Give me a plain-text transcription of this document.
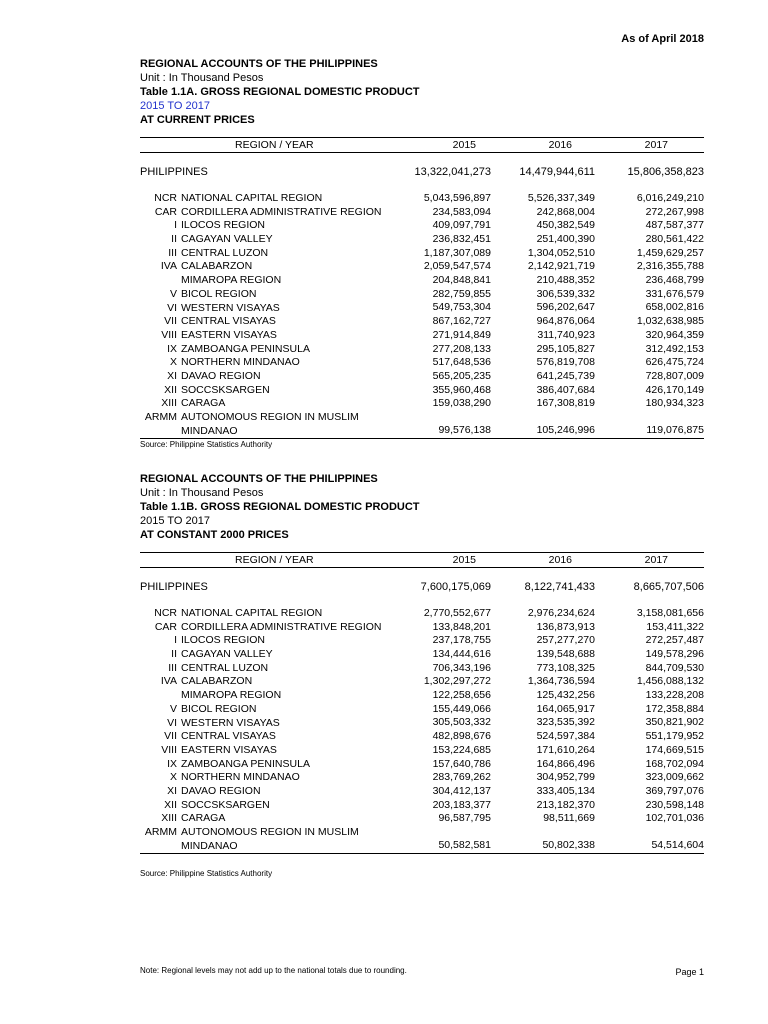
As of April 2018
REGIONAL ACCOUNTS OF THE PHILIPPINES
Unit : In Thousand Pesos
Table 1.1A. GROSS REGIONAL DOMESTIC PRODUCT
2015 TO 2017
AT CURRENT PRICES
REGION / YEAR	2015	2016	2017
PHILIPPINES	13,322,041,273	14,479,944,611	15,806,358,823
NCR NATIONAL CAPITAL REGION	5,043,596,897	5,526,337,349	6,016,249,210
CAR CORDILLERA ADMINISTRATIVE REGION	234,583,094	242,868,004	272,267,998
I ILOCOS REGION	409,097,791	450,382,549	487,587,377
II CAGAYAN VALLEY	236,832,451	251,400,390	280,561,422
III CENTRAL LUZON	1,187,307,089	1,304,052,510	1,459,629,257
IVA CALABARZON	2,059,547,574	2,142,921,719	2,316,355,788
MIMAROPA REGION	204,848,841	210,488,352	236,468,799
V BICOL REGION	282,759,855	306,539,332	331,676,579
VI WESTERN VISAYAS	549,753,304	596,202,647	658,002,816
VII CENTRAL VISAYAS	867,162,727	964,876,064	1,032,638,985
VIII EASTERN VISAYAS	271,914,849	311,740,923	320,964,359
IX ZAMBOANGA PENINSULA	277,208,133	295,105,827	312,492,153
X NORTHERN MINDANAO	517,648,536	576,819,708	626,475,724
XI DAVAO REGION	565,205,235	641,245,739	728,807,009
XII SOCCSKSARGEN	355,960,468	386,407,684	426,170,149
XIII CARAGA	159,038,290	167,308,819	180,934,323
ARMM AUTONOMOUS REGION IN MUSLIM MINDANAO	99,576,138	105,246,996	119,076,875
Source: Philippine Statistics Authority
REGIONAL ACCOUNTS OF THE PHILIPPINES
Unit : In Thousand Pesos
Table 1.1B. GROSS REGIONAL DOMESTIC PRODUCT
2015 TO 2017
AT CONSTANT 2000 PRICES
REGION / YEAR	2015	2016	2017
PHILIPPINES	7,600,175,069	8,122,741,433	8,665,707,506
NCR NATIONAL CAPITAL REGION	2,770,552,677	2,976,234,624	3,158,081,656
CAR CORDILLERA ADMINISTRATIVE REGION	133,848,201	136,873,913	153,411,322
I ILOCOS REGION	237,178,755	257,277,270	272,257,487
II CAGAYAN VALLEY	134,444,616	139,548,688	149,578,296
III CENTRAL LUZON	706,343,196	773,108,325	844,709,530
IVA CALABARZON	1,302,297,272	1,364,736,594	1,456,088,132
MIMAROPA REGION	122,258,656	125,432,256	133,228,208
V BICOL REGION	155,449,066	164,065,917	172,358,884
VI WESTERN VISAYAS	305,503,332	323,535,392	350,821,902
VII CENTRAL VISAYAS	482,898,676	524,597,384	551,179,952
VIII EASTERN VISAYAS	153,224,685	171,610,264	174,669,515
IX ZAMBOANGA PENINSULA	157,640,786	164,866,496	168,702,094
X NORTHERN MINDANAO	283,769,262	304,952,799	323,009,662
XI DAVAO REGION	304,412,137	333,405,134	369,797,076
XII SOCCSKSARGEN	203,183,377	213,182,370	230,598,148
XIII CARAGA	96,587,795	98,511,669	102,701,036
ARMM AUTONOMOUS REGION IN MUSLIM MINDANAO	50,582,581	50,802,338	54,514,604
Source: Philippine Statistics Authority
Note: Regional levels may not add up to the national totals due to rounding.	Page 1
